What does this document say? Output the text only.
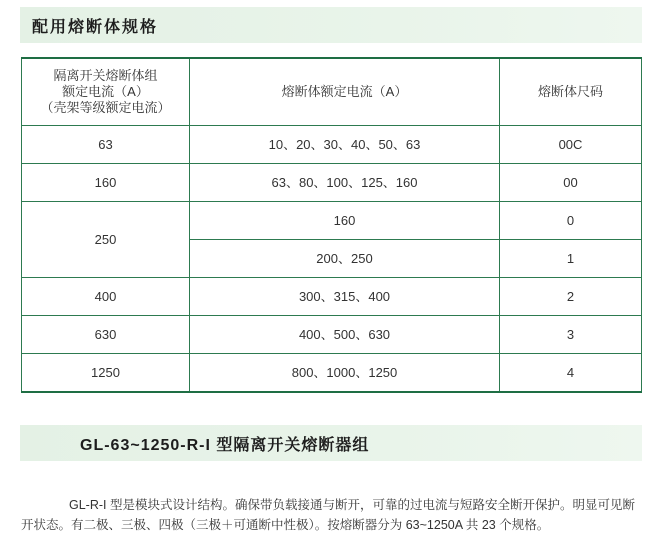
配用熔断体规格
隔离开关熔断体组
额定电流（A）
（壳架等级额定电流）	熔断体额定电流（A）	熔断体尺码
63	10、20、30、40、50、63	00C
160	63、80、100、125、160	00
250	160	0
	200、250	1
400	300、315、400	2
630	400、500、630	3
1250	800、1000、1250	4
GL-63~1250-R-I 型隔离开关熔断器组

GL-R-I 型是模块式设计结构。确保带负载接通与断开，可靠的过电流与短路安全断开保护。明显可见断开状态。有二极、三极、四极（三极＋可通断中性极）。按熔断器分为 63~1250A 共 23 个规格。
